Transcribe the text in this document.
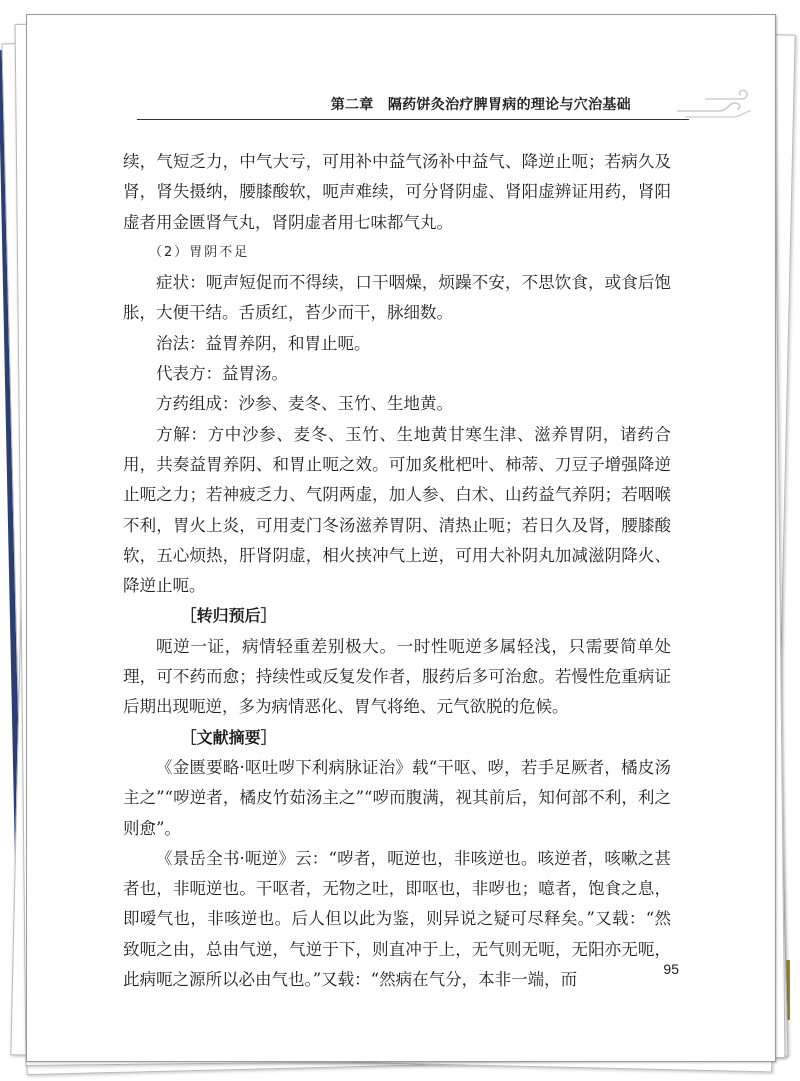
第二章　隔药饼灸治疗脾胃病的理论与穴治基础

续，气短乏力，中气大亏，可用补中益气汤补中益气、降逆止呃；若病久及肾，肾失摄纳，腰膝酸软，呃声难续，可分肾阴虚、肾阳虚辨证用药，肾阳虚者用金匮肾气丸，肾阴虚者用七味都气丸。

（2）胃阴不足

症状：呃声短促而不得续，口干咽燥，烦躁不安，不思饮食，或食后饱胀，大便干结。舌质红，苔少而干，脉细数。

治法：益胃养阴，和胃止呃。

代表方：益胃汤。

方药组成：沙参、麦冬、玉竹、生地黄。

方解：方中沙参、麦冬、玉竹、生地黄甘寒生津、滋养胃阴，诸药合用，共奏益胃养阴、和胃止呃之效。可加炙枇杷叶、柿蒂、刀豆子增强降逆止呃之力；若神疲乏力、气阴两虚，加人参、白术、山药益气养阴；若咽喉不利，胃火上炎，可用麦门冬汤滋养胃阴、清热止呃；若日久及肾，腰膝酸软，五心烦热，肝肾阴虚，相火挟冲气上逆，可用大补阴丸加减滋阴降火、降逆止呃。

［转归预后］

呃逆一证，病情轻重差别极大。一时性呃逆多属轻浅，只需要简单处理，可不药而愈；持续性或反复发作者，服药后多可治愈。若慢性危重病证后期出现呃逆，多为病情恶化、胃气将绝、元气欲脱的危候。

［文献摘要］

《金匮要略·呕吐哕下利病脉证治》载“干呕、哕，若手足厥者，橘皮汤主之”“哕逆者，橘皮竹茹汤主之”“哕而腹满，视其前后，知何部不利，利之则愈”。

《景岳全书·呃逆》云：“哕者，呃逆也，非咳逆也。咳逆者，咳嗽之甚者也，非呃逆也。干呕者，无物之吐，即呕也，非哕也；噫者，饱食之息，即嗳气也，非咳逆也。后人但以此为鉴，则异说之疑可尽释矣。”又载：“然致呃之由，总由气逆，气逆于下，则直冲于上，无气则无呃，无阳亦无呃，此病呃之源所以必由气也。”又载：“然病在气分，本非一端，而

95
